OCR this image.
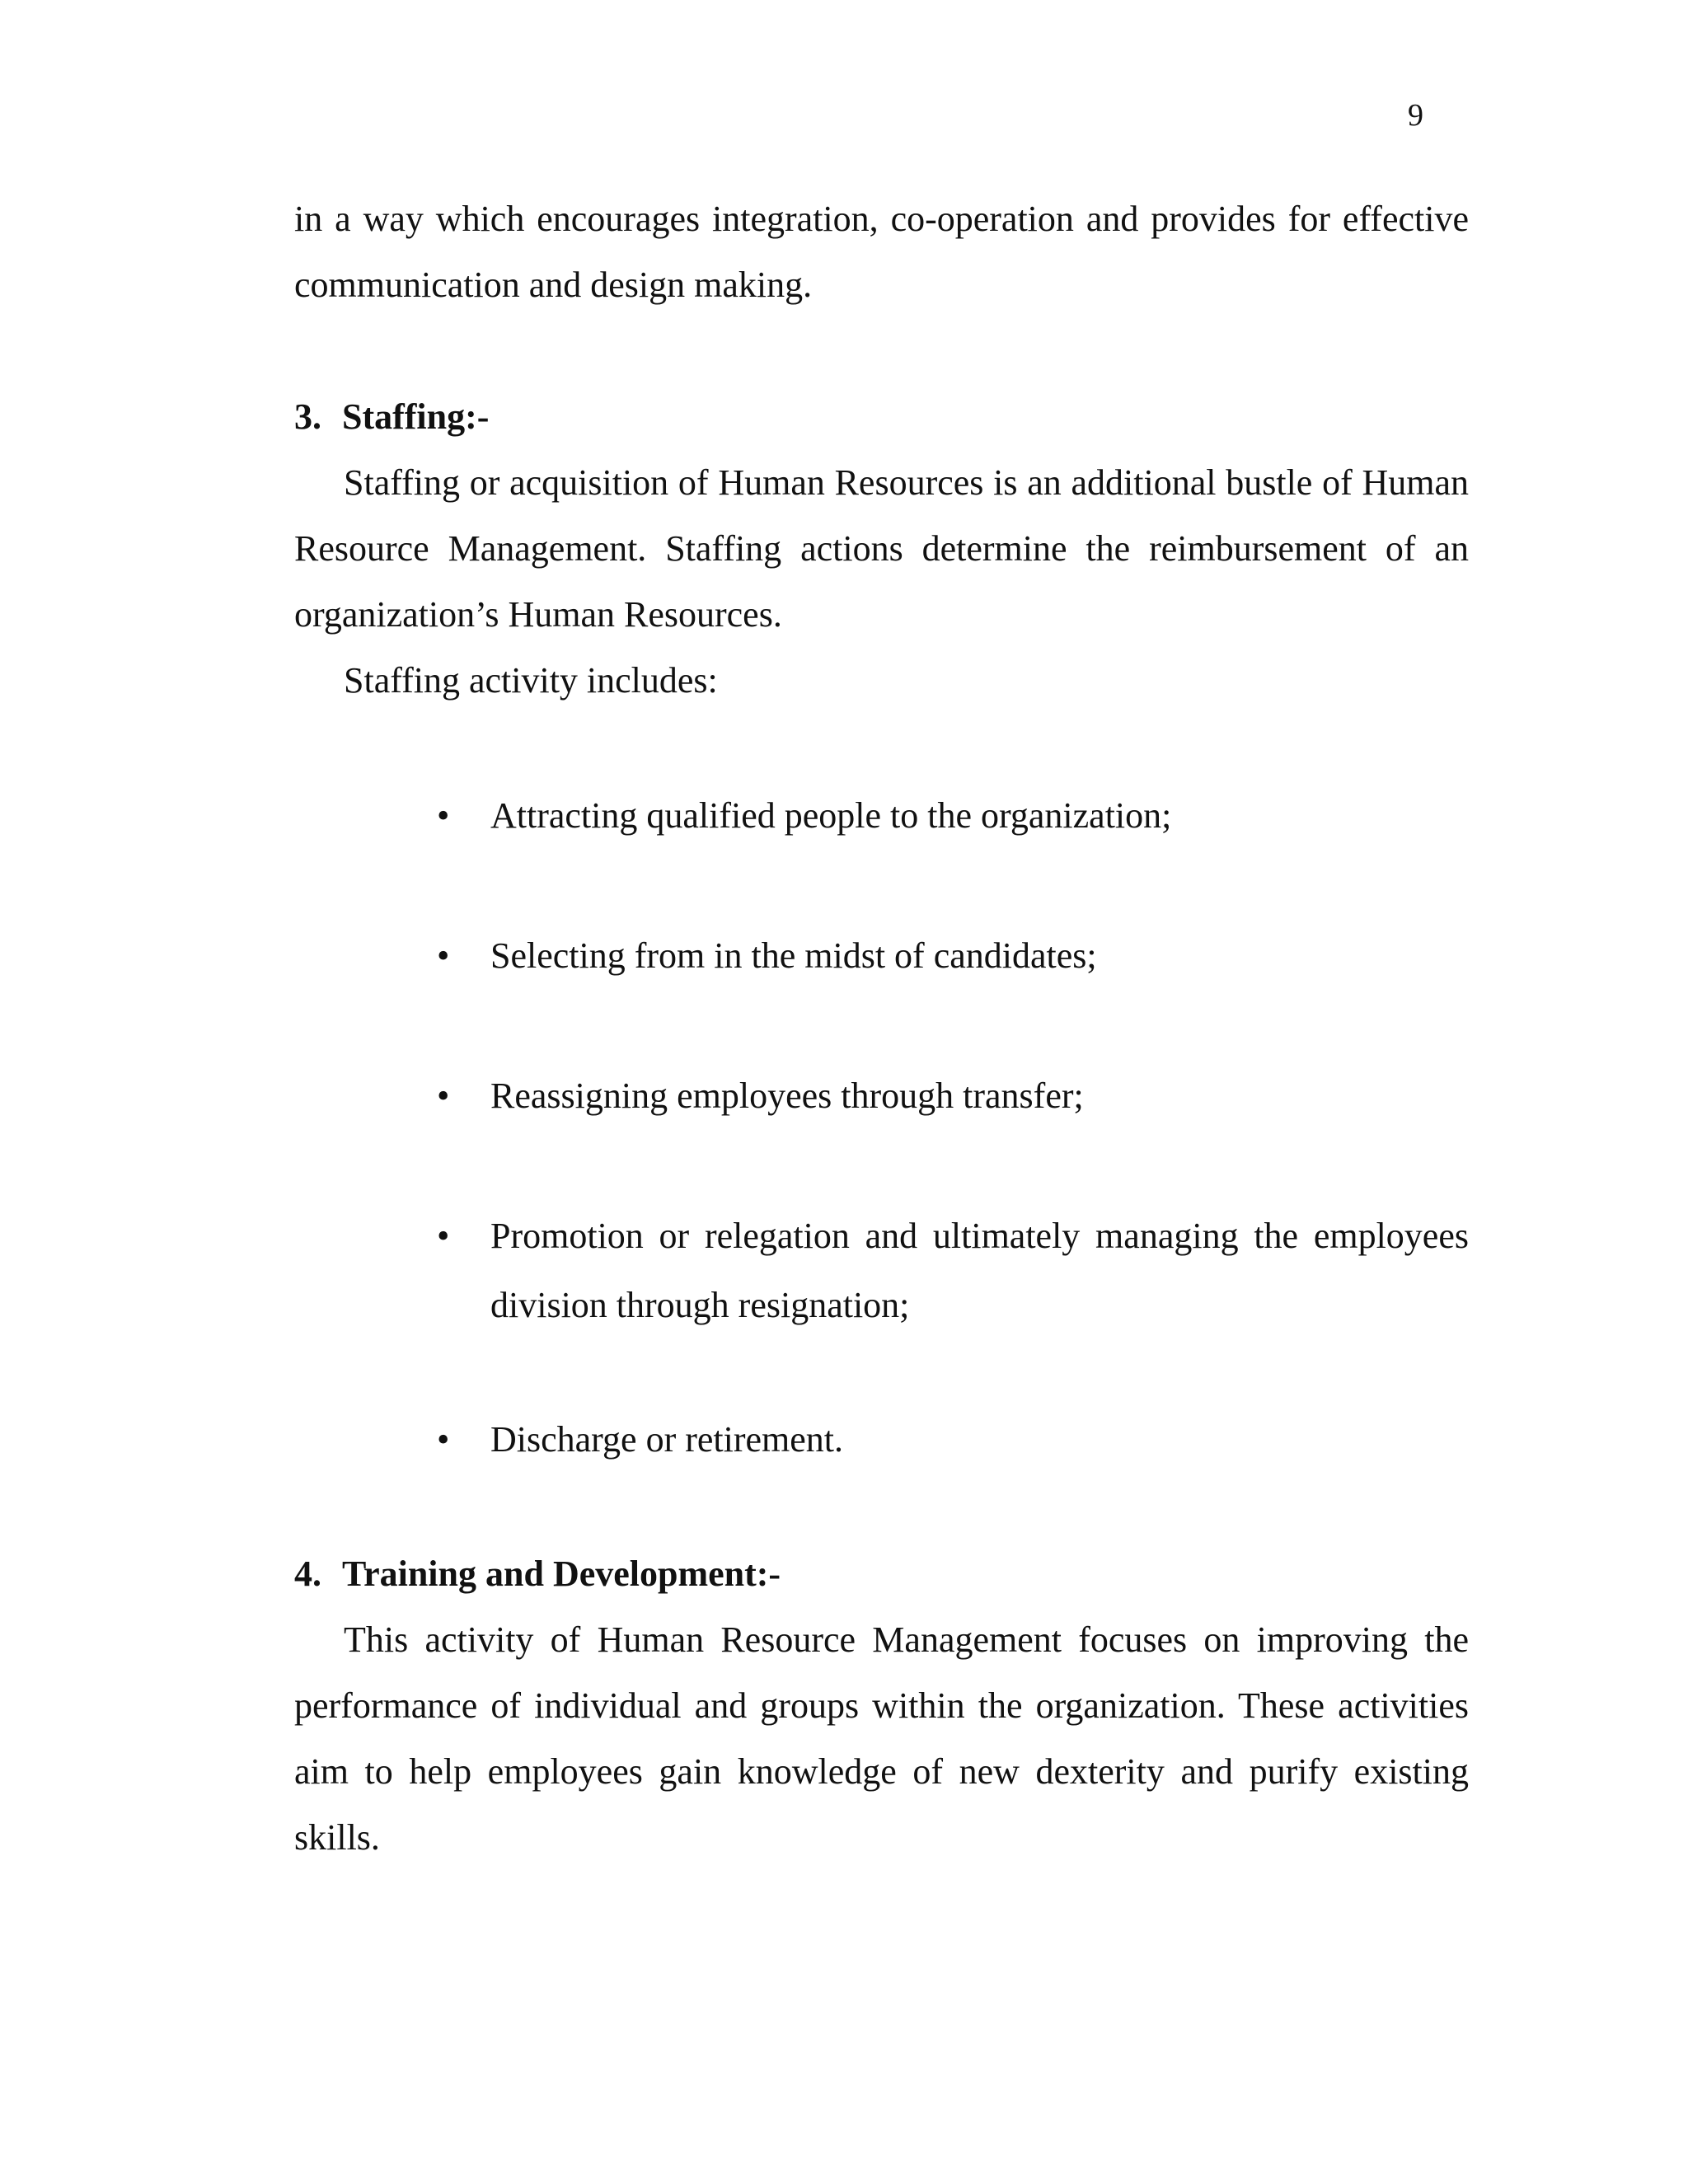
9

in a way which encourages integration, co-operation and provides for effective communication and design making.

3. Staffing:-

Staffing or acquisition of Human Resources is an additional bustle of Human Resource Management. Staffing actions determine the reimbursement of an organization’s Human Resources.

Staffing activity includes:

•	Attracting qualified people to the organization;
•	Selecting from in the midst of candidates;
•	Reassigning employees through transfer;
•	Promotion or relegation and ultimately managing the employees division through resignation;
•	Discharge or retirement.
4. Training and Development:-

This activity of Human Resource Management focuses on improving the performance of individual and groups within the organization. These activities aim to help employees gain knowledge of new dexterity and purify existing skills.
